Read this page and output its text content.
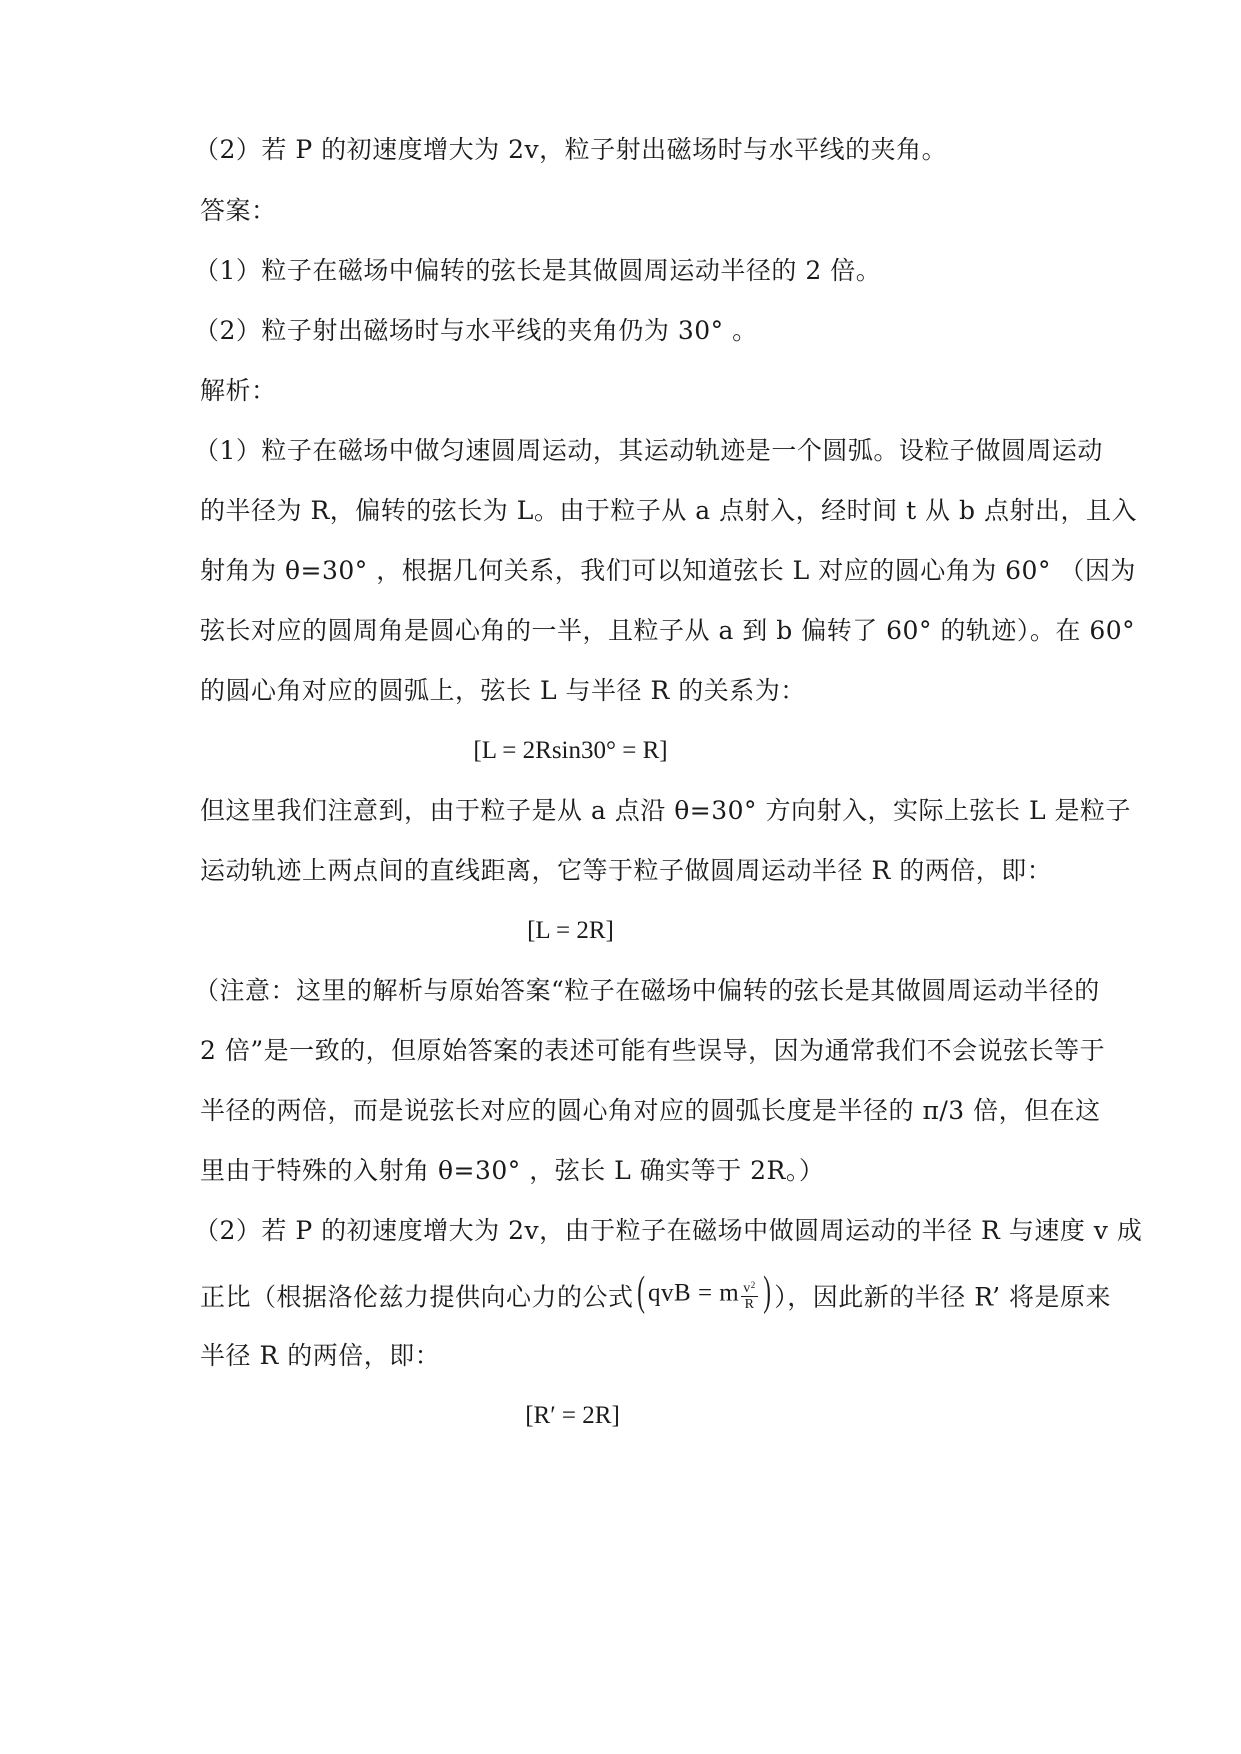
（2）若 P 的初速度增大为 2v，粒子射出磁场时与水平线的夹角。
答案：
（1）粒子在磁场中偏转的弦长是其做圆周运动半径的 2 倍。
（2）粒子射出磁场时与水平线的夹角仍为 30° 。
解析：
（1）粒子在磁场中做匀速圆周运动，其运动轨迹是一个圆弧。设粒子做圆周运动
的半径为 R，偏转的弦长为 L。由于粒子从 a 点射入，经时间 t 从 b 点射出，且入
射角为 θ=30° ，根据几何关系，我们可以知道弦长 L 对应的圆心角为 60° （因为
弦长对应的圆周角是圆心角的一半，且粒子从 a 到 b 偏转了 60° 的轨迹）。在 60°
的圆心角对应的圆弧上，弦长 L 与半径 R 的关系为：
[L = 2Rsin30° = R]
但这里我们注意到，由于粒子是从 a 点沿 θ=30° 方向射入，实际上弦长 L 是粒子
运动轨迹上两点间的直线距离，它等于粒子做圆周运动半径 R 的两倍，即：
[L = 2R]
（注意：这里的解析与原始答案“粒子在磁场中偏转的弦长是其做圆周运动半径的
2 倍”是一致的，但原始答案的表述可能有些误导，因为通常我们不会说弦长等于
半径的两倍，而是说弦长对应的圆心角对应的圆弧长度是半径的 π/3 倍，但在这
里由于特殊的入射角 θ=30° ，弦长 L 确实等于 2R。）
（2）若 P 的初速度增大为 2v，由于粒子在磁场中做圆周运动的半径 R 与速度 v 成
正比（根据洛伦兹力提供向心力的公式( qvB = m $\frac{v^2}{R}$ ) ），因此新的半径 R’ 将是原来
半径 R 的两倍，即：
[R′ = 2R]
